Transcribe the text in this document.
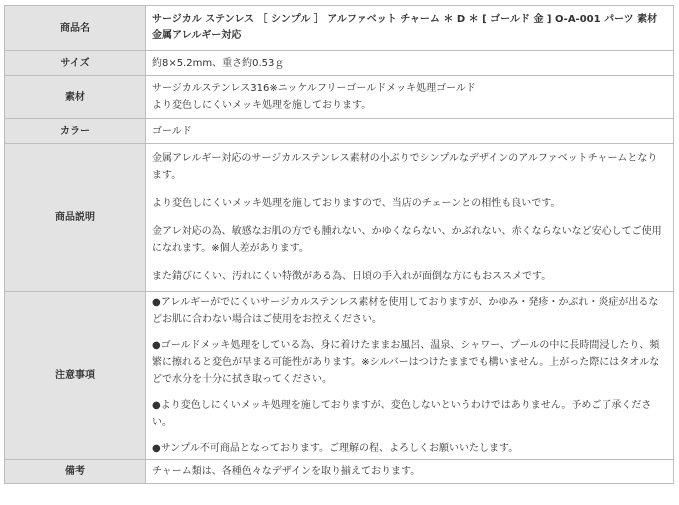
商品名	サージカル ステンレス ［ シンプル ］ アルファベット チャーム ＊ D ＊ [ ゴールド 金 ] O-A-001 パーツ 素材 金属アレルギー対応

サイズ	約8×5.2mm、重さ約0.53ｇ
素材	サージカルステンレス316※ニッケルフリーゴールドメッキ処理ゴールド
より変色しにくいメッキ処理を施しております。

カラー	ゴールド
商品説明	金属アレルギー対応のサージカルステンレス素材の小ぶりでシンプルなデザインのアルファベットチャームとなります。
より変色しにくいメッキ処理を施しておりますので、当店のチェーンとの相性も良いです。
金アレ対応の為、敏感なお肌の方でも腫れない、かゆくならない、かぶれない、赤くならないなど安心してご使用になれます。※個人差があります。
また錆びにくい、汚れにくい特徴がある為、日頃の手入れが面倒な方にもおススメです。

注意事項	●アレルギーがでにくいサージカルステンレス素材を使用しておりますが、かゆみ・発疹・かぶれ・炎症が出るなどお肌に合わない場合はご使用をお控えください。
●ゴールドメッキ処理をしている為、身に着けたままお風呂、温泉、シャワー、プールの中に長時間浸したり、頻繁に擦れると変色が早まる可能性があります。※シルバーはつけたままでも構いません。上がった際にはタオルなどで水分を十分に拭き取ってください。
●より変色しにくいメッキ処理を施しておりますが、変色しないというわけではありません。予めご了承ください。
●サンプル不可商品となっております。ご理解の程、よろしくお願いいたします。

備考	チャーム類は、各種色々なデザインを取り揃えております。
